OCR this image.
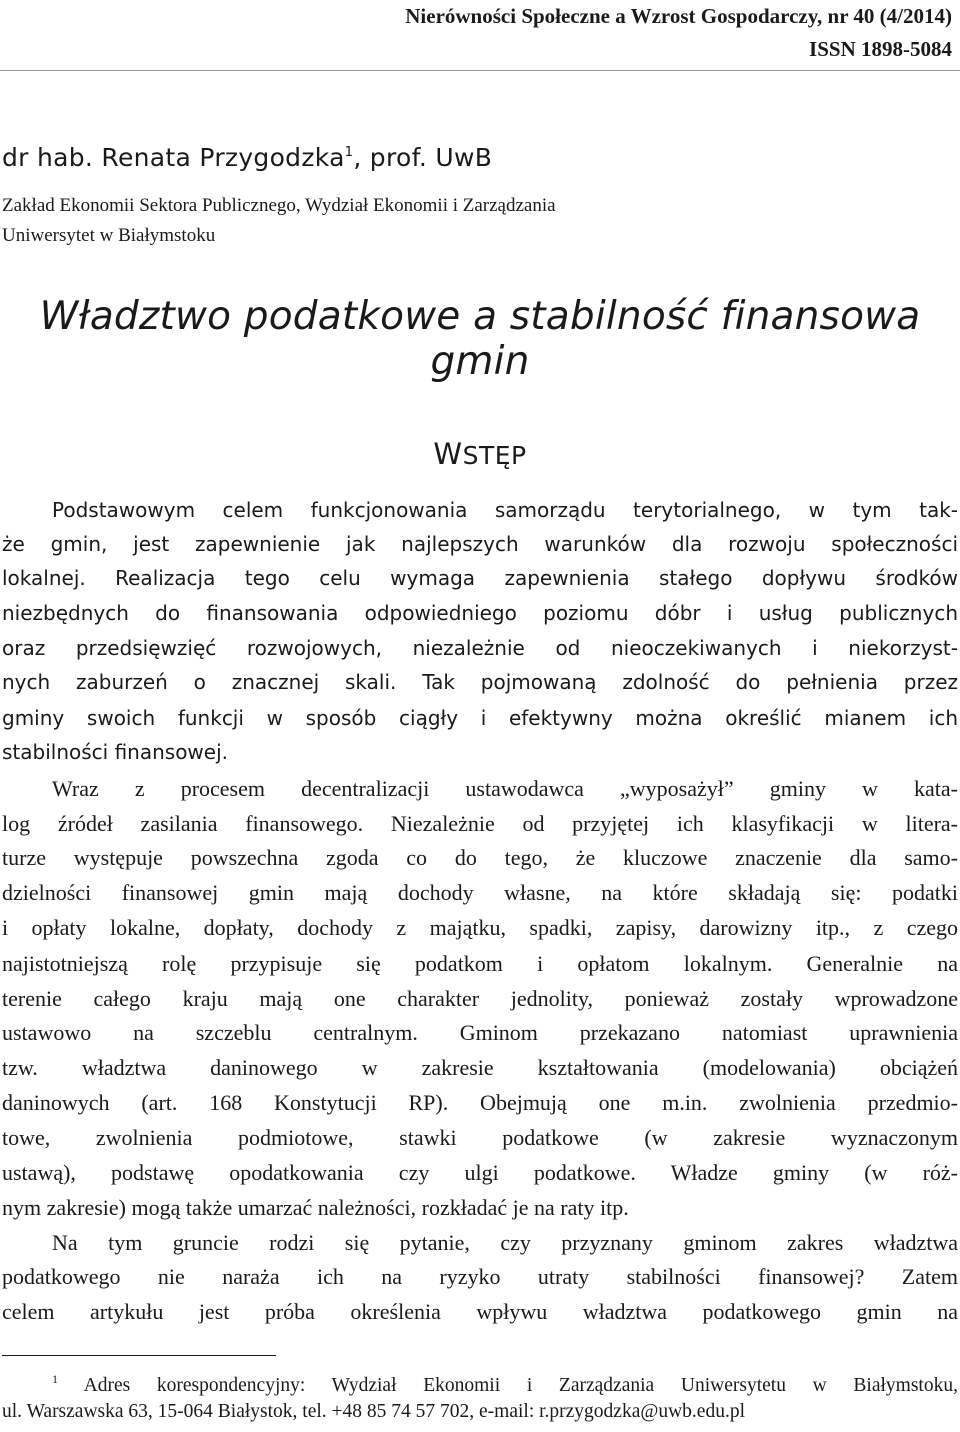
Nierówności Społeczne a Wzrost Gospodarczy, nr 40 (4/2014)
ISSN 1898-5084
dr hab. Renata Przygodzka$^1$, prof. UwB
Zakład Ekonomii Sektora Publicznego, Wydział Ekonomii i Zarządzania
Uniwersytet w Białymstoku
Władztwo podatkowe a stabilność finansowa gmin
WSTĘP
Podstawowym celem funkcjonowania samorządu terytorialnego, w tym tak-
że gmin, jest zapewnienie jak najlepszych warunków dla rozwoju społeczności
lokalnej. Realizacja tego celu wymaga zapewnienia stałego dopływu środków
niezbędnych do finansowania odpowiedniego poziomu dóbr i usług publicznych
oraz przedsięwzięć rozwojowych, niezależnie od nieoczekiwanych i niekorzyst-
nych zaburzeń o znacznej skali. Tak pojmowaną zdolność do pełnienia przez
gminy swoich funkcji w sposób ciągły i efektywny można określić mianem ich
stabilności finansowej.
Wraz z procesem decentralizacji ustawodawca „wyposażył” gminy w kata-
log źródeł zasilania finansowego. Niezależnie od przyjętej ich klasyfikacji w litera-
turze występuje powszechna zgoda co do tego, że kluczowe znaczenie dla samo-
dzielności finansowej gmin mają dochody własne, na które składają się: podatki
i opłaty lokalne, dopłaty, dochody z majątku, spadki, zapisy, darowizny itp., z czego
najistotniejszą rolę przypisuje się podatkom i opłatom lokalnym. Generalnie na
terenie całego kraju mają one charakter jednolity, ponieważ zostały wprowadzone
ustawowo na szczeblu centralnym. Gminom przekazano natomiast uprawnienia
tzw. władztwa daninowego w zakresie kształtowania (modelowania) obciążeń
daninowych (art. 168 Konstytucji RP). Obejmują one m.in. zwolnienia przedmio-
towe, zwolnienia podmiotowe, stawki podatkowe (w zakresie wyznaczonym
ustawą), podstawę opodatkowania czy ulgi podatkowe. Władze gminy (w róż-
nym zakresie) mogą także umarzać należności, rozkładać je na raty itp.
Na tym gruncie rodzi się pytanie, czy przyznany gminom zakres władztwa
podatkowego nie naraża ich na ryzyko utraty stabilności finansowej? Zatem
celem artykułu jest próba określenia wpływu władztwa podatkowego gmin na
$^1$ Adres korespondencyjny: Wydział Ekonomii i Zarządzania Uniwersytetu w Białymstoku,
ul. Warszawska 63, 15-064 Białystok, tel. +48 85 74 57 702, e-mail: r.przygodzka@uwb.edu.pl
